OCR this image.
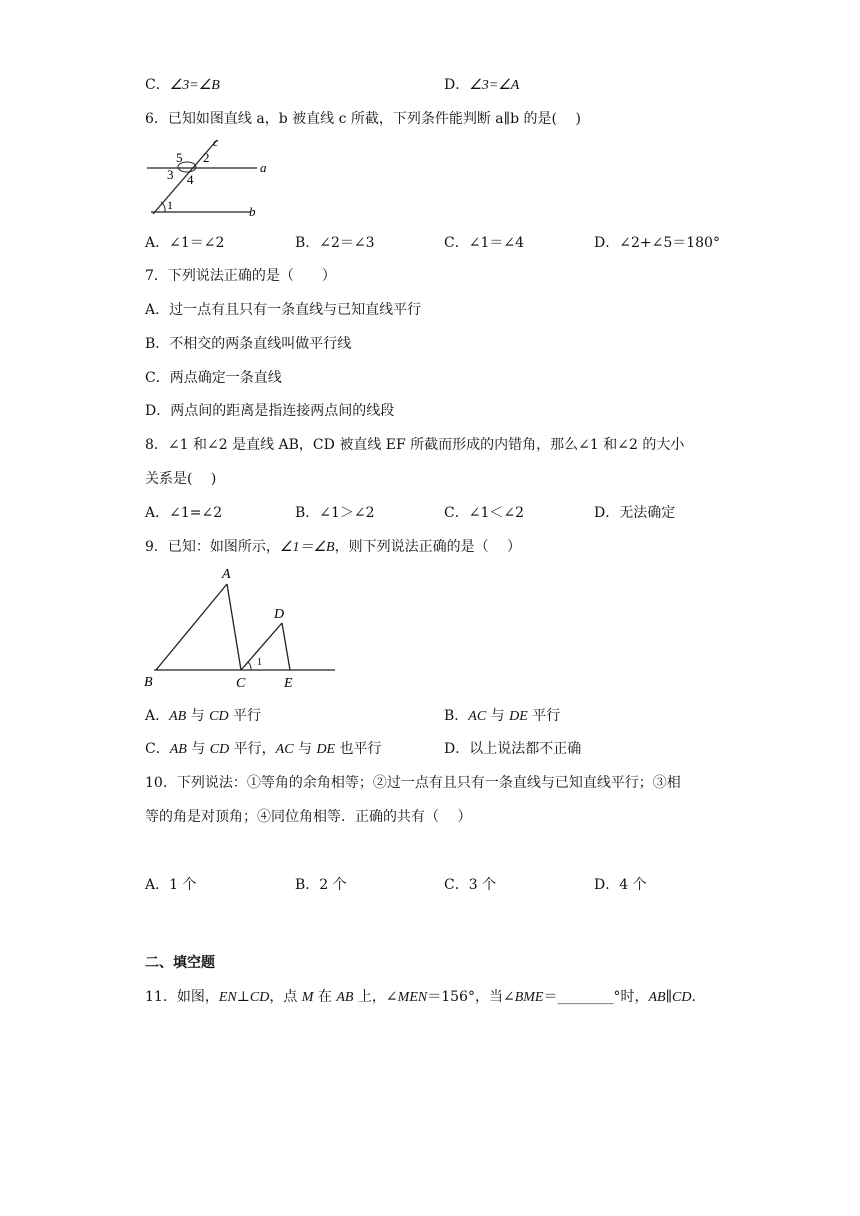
C．∠3=∠B	D．∠3=∠A
6．已知如图直线 a，b 被直线 c 所截，下列条件能判断 a∥b 的是(　 )
c
a
b
5 2
3 4
1
A．∠1＝∠2	B．∠2＝∠3	C．∠1＝∠4	D．∠2+∠5＝180°
7．下列说法正确的是（　　）
A．过一点有且只有一条直线与已知直线平行
B．不相交的两条直线叫做平行线
C．两点确定一条直线
D．两点间的距离是指连接两点间的线段
8．∠1 和∠2 是直线 AB，CD 被直线 EF 所截而形成的内错角，那么∠1 和∠2 的大小
关系是(　 )
A．∠1=∠2	B．∠1＞∠2	C．∠1＜∠2	D．无法确定
9．已知：如图所示，∠1＝∠B，则下列说法正确的是（　 ）
A
B	C
D
E
1
A．AB 与 CD 平行	B．AC 与 DE 平行
C．AB 与 CD 平行，AC 与 DE 也平行	D．以上说法都不正确
10．下列说法：①等角的余角相等；②过一点有且只有一条直线与已知直线平行；③相
等的角是对顶角；④同位角相等．正确的共有（　 ）
A．1 个	B．2 个	C．3 个	D．4 个
二、填空题
11．如图，EN⊥CD，点 M 在 AB 上，∠MEN＝156°，当∠BME＝________°时，AB∥CD.
